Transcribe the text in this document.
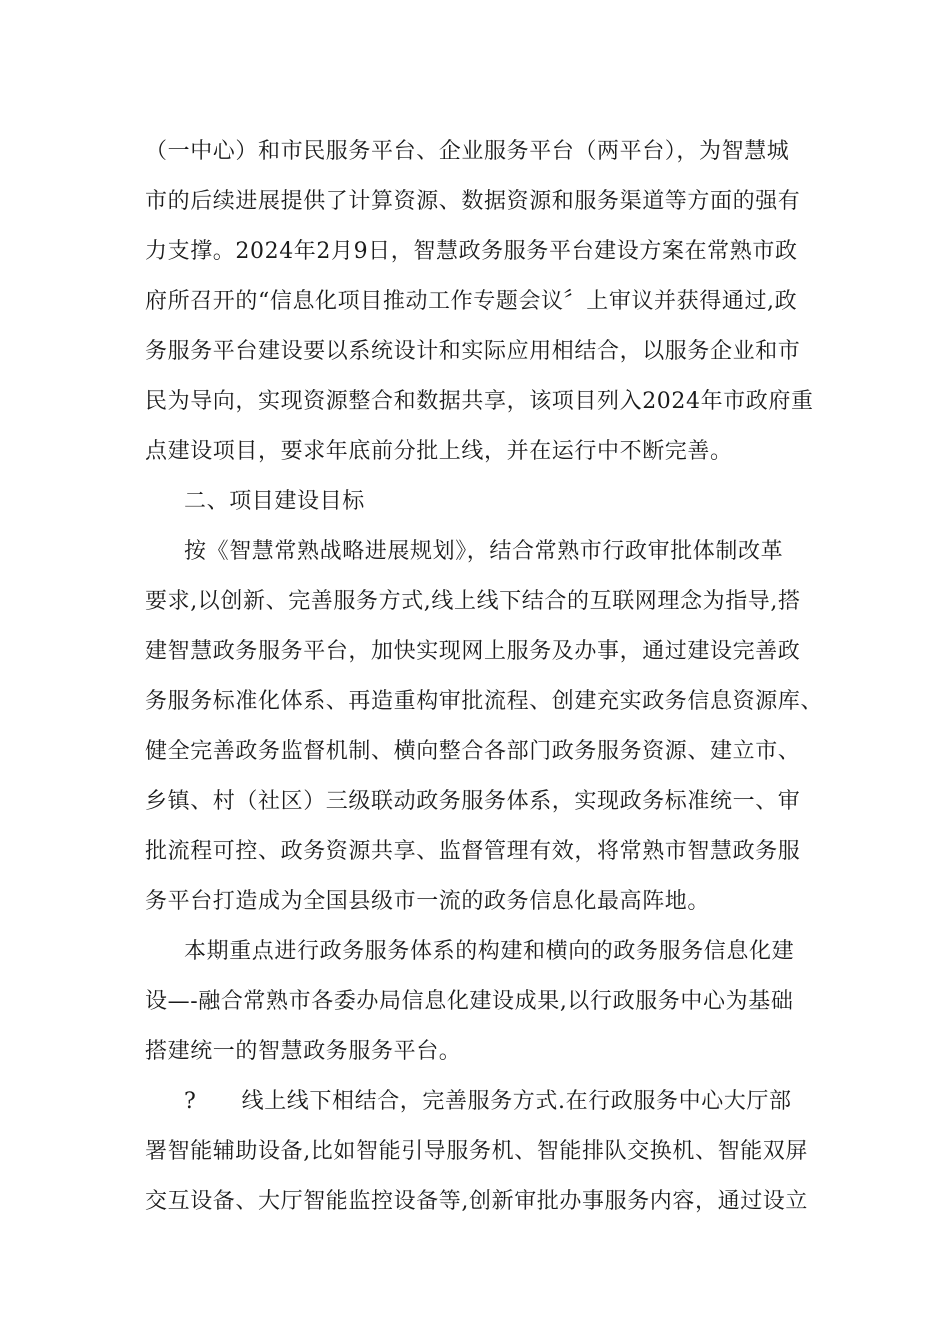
（一中心）和市民服务平台、企业服务平台（两平台），为智慧城
市的后续进展提供了计算资源、数据资源和服务渠道等方面的强有
力支撑。2024年2月9日，智慧政务服务平台建设方案在常熟市政
府所召开的“信息化项目推动工作专题会议〞上审议并获得通过,政
务服务平台建设要以系统设计和实际应用相结合，以服务企业和市
民为导向，实现资源整合和数据共享，该项目列入2024年市政府重
点建设项目，要求年底前分批上线，并在运行中不断完善。
二、项目建设目标
按《智慧常熟战略进展规划》，结合常熟市行政审批体制改革
要求,以创新、完善服务方式,线上线下结合的互联网理念为指导,搭
建智慧政务服务平台，加快实现网上服务及办事，通过建设完善政
务服务标准化体系、再造重构审批流程、创建充实政务信息资源库、
健全完善政务监督机制、横向整合各部门政务服务资源、建立市、
乡镇、村（社区）三级联动政务服务体系，实现政务标准统一、审
批流程可控、政务资源共享、监督管理有效，将常熟市智慧政务服
务平台打造成为全国县级市一流的政务信息化最高阵地。
本期重点进行政务服务体系的构建和横向的政务服务信息化建
设—-融合常熟市各委办局信息化建设成果,以行政服务中心为基础
搭建统一的智慧政务服务平台。
?　　线上线下相结合，完善服务方式.在行政服务中心大厅部
署智能辅助设备,比如智能引导服务机、智能排队交换机、智能双屏
交互设备、大厅智能监控设备等,创新审批办事服务内容，通过设立
